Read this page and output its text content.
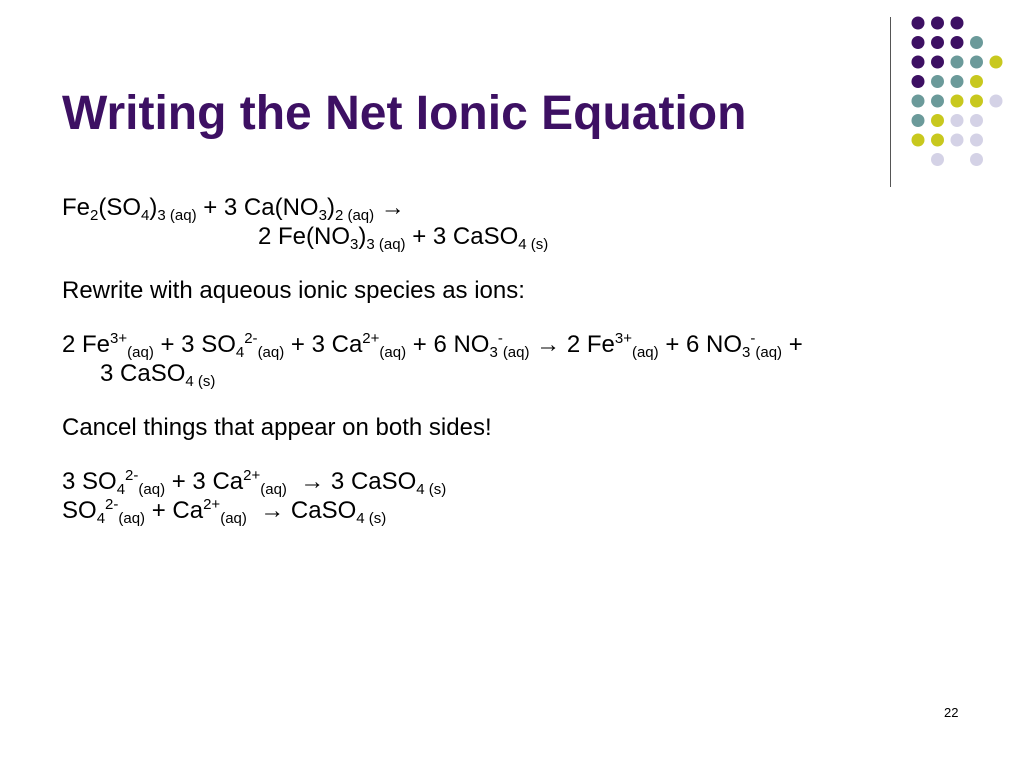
Writing the Net Ionic Equation
$Fe_2(SO_4)_{3 (aq)} + 3$ $Ca(NO_3)_{2 (aq)}$ →
2 $Fe(NO_3)_{3 (aq)} + 3$ CaSO$_{4 (s)}$
Rewrite with aqueous ionic species as ions:
2 $Fe^{3+}_{(aq)} + 3$ $SO_4^{2-}_{(aq)} + 3$ $Ca^{2+}_{(aq)} + 6$ $NO_3^-_{(aq)} \to 2$ $Fe^{3+}_{(aq)} + 6$ $NO_3^-_{(aq)}$ +
3 CaSO$_{4 (s)}$
Cancel things that appear on both sides!
3 $SO_4^{2-}_{(aq)} + 3$ $Ca^{2+}_{(aq)} \to 3$ CaSO$_{4 (s)}$
$SO_4^{2-}_{(aq)} + Ca^{2+}_{(aq)}$  → CaSO$_{4 (s)}$
22
